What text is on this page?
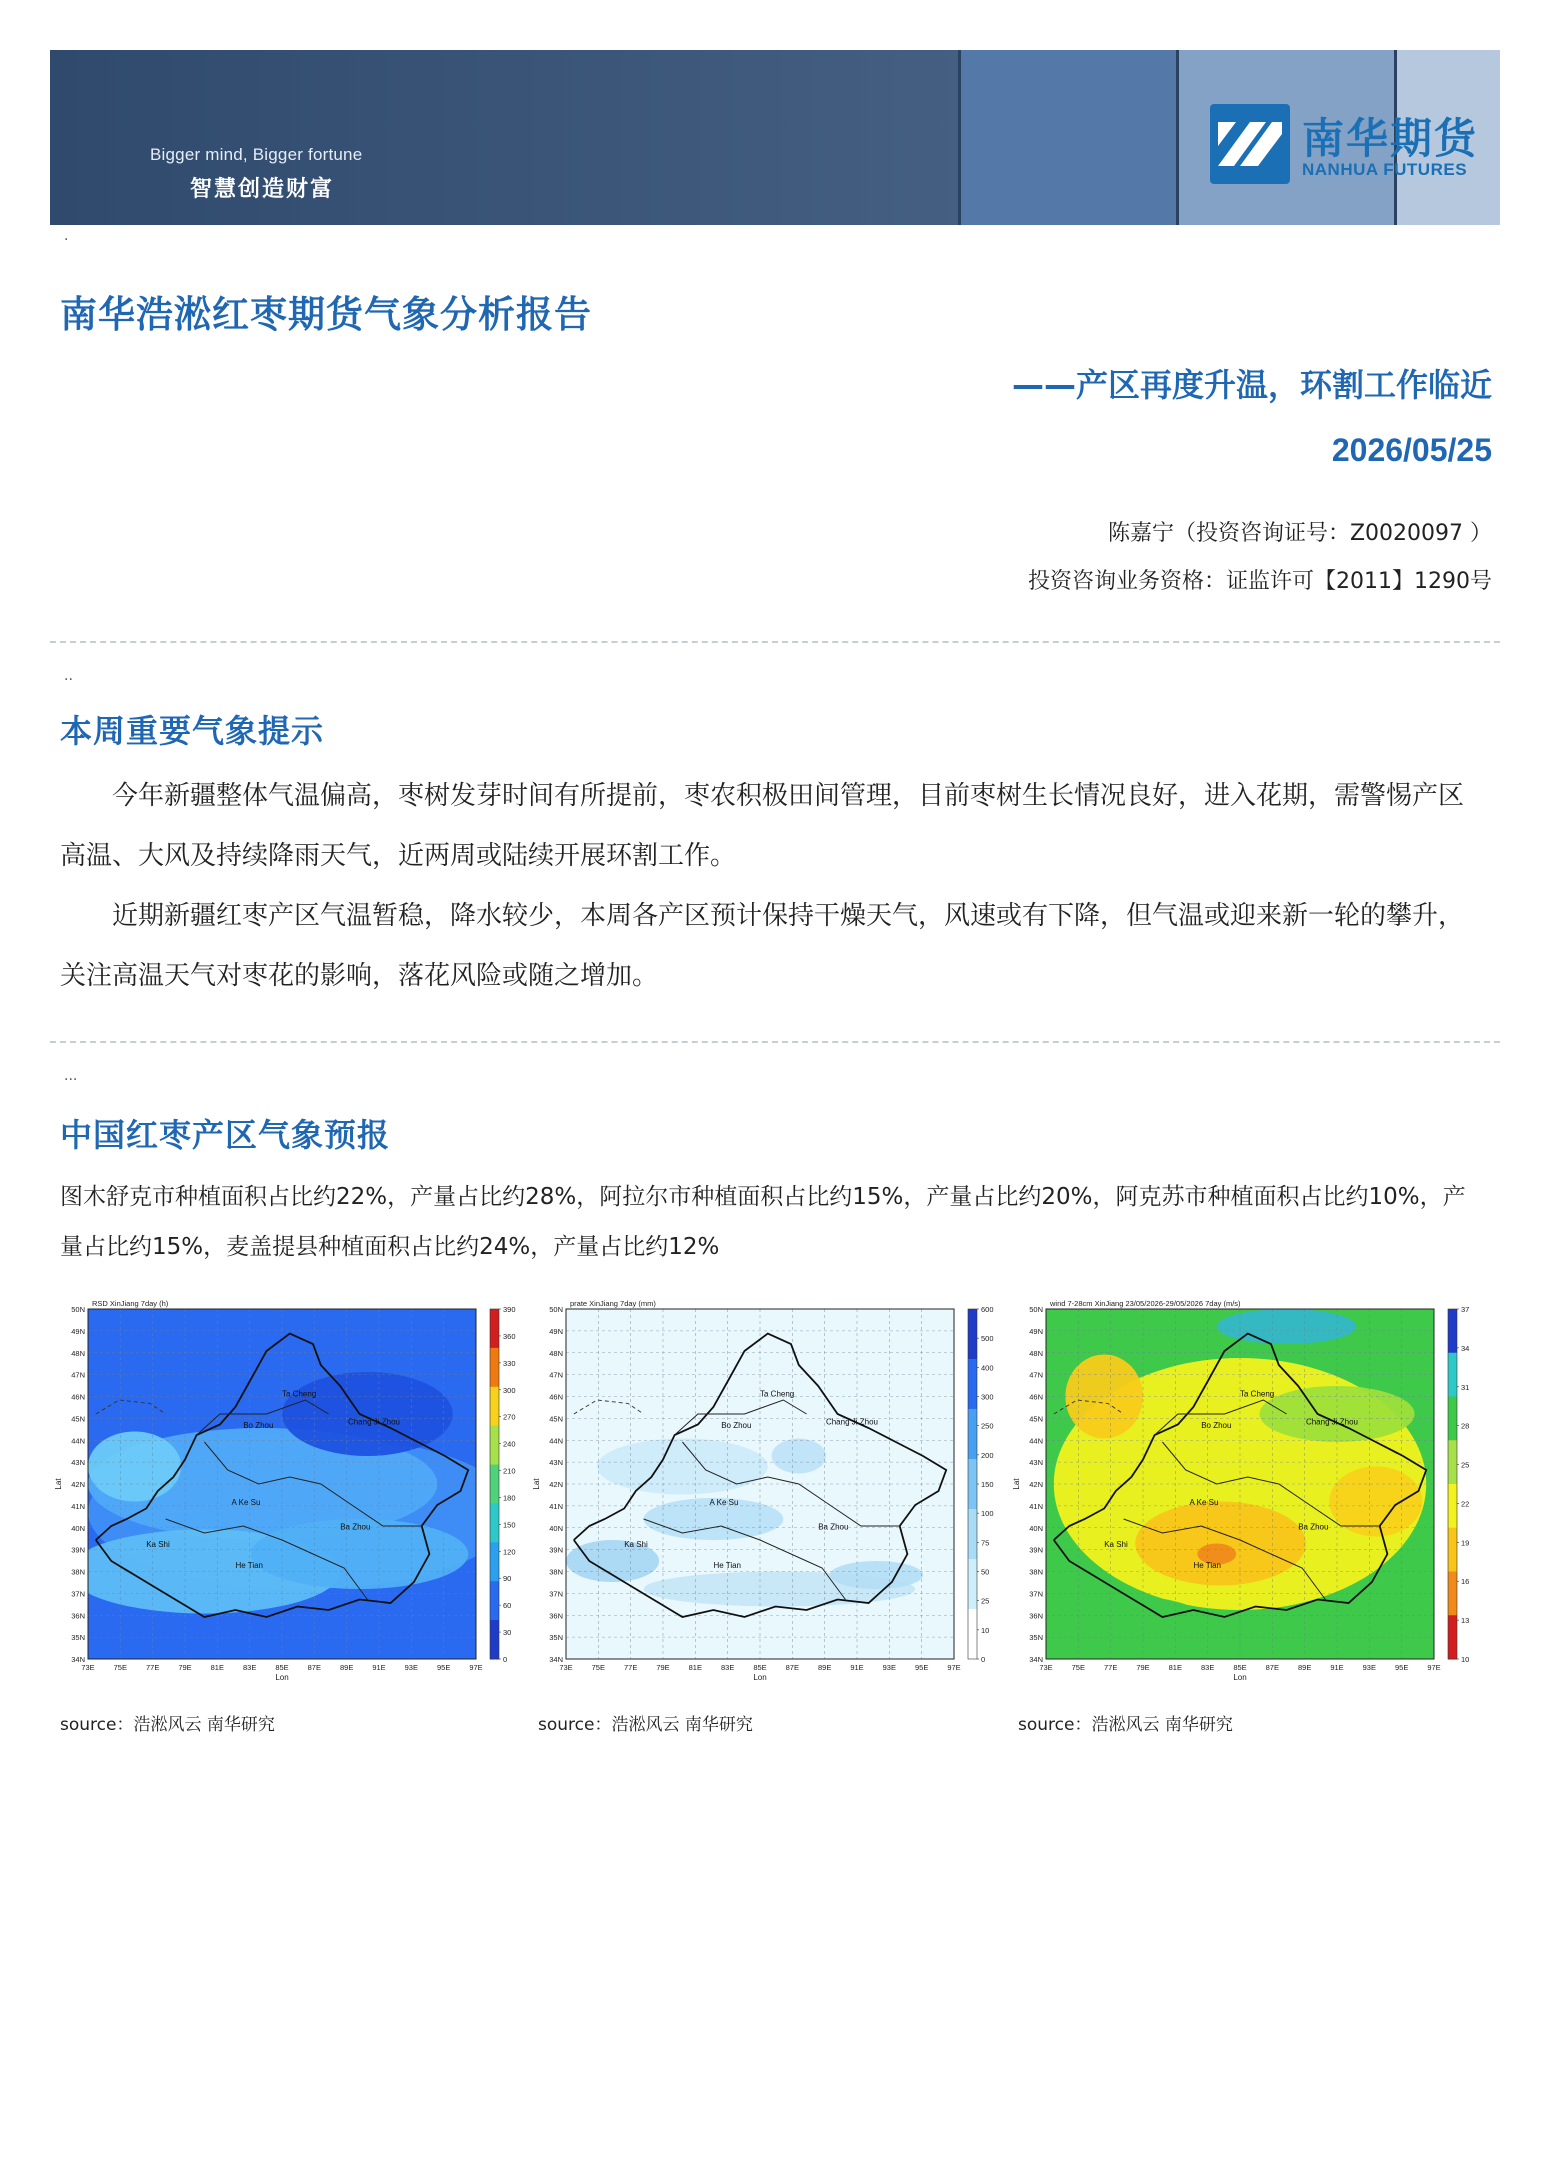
Bigger mind, Bigger fortune
智慧创造财富
南华期货
NANHUA FUTURES
·
南华浩淞红枣期货气象分析报告
——产区再度升温，环割工作临近
2026/05/25
陈嘉宁（投资咨询证号：Z0020097 ）
投资咨询业务资格：证监许可【2011】1290号
..
本周重要气象提示

今年新疆整体气温偏高，枣树发芽时间有所提前，枣农积极田间管理，目前枣树生长情况良好，进入花期，需警惕产区高温、大风及持续降雨天气，近两周或陆续开展环割工作。

近期新疆红枣产区气温暂稳，降水较少，本周各产区预计保持干燥天气，风速或有下降，但气温或迎来新一轮的攀升，关注高温天气对枣花的影响，落花风险或随之增加。

...
中国红枣产区气象预报

图木舒克市种植面积占比约22%，产量占比约28%，阿拉尔市种植面积占比约15%，产量占比约20%，阿克苏市种植面积占比约10%，产量占比约15%，麦盖提县种植面积占比约24%，产量占比约12%

Ta Cheng
Bo Zhou	Chang Ji Zhou
A Ke Su
Ba Zhou
Ka Shi
He Tian
73E	75E	77E	79E	81E	83E	85E	87E	89E	91E	93E	95E	97E
50N
49N
48N
47N
46N
45N
44N
43N
42N
41N
40N
39N
38N
37N
36N
35N
34N
Lon
Lat
RSD XinJiang 7day (h)
390
360
330
300
270
240
210
180
150
120
90
60
30
0
Ta Cheng
Bo Zhou	Chang Ji Zhou
A Ke Su
Ba Zhou
Ka Shi
He Tian
73E	75E	77E	79E	81E	83E	85E	87E	89E	91E	93E	95E	97E
50N
49N
48N
47N
46N
45N
44N
43N
42N
41N
40N
39N
38N
37N
36N
35N
34N
Lon
Lat
prate XinJiang 7day (mm)
600
500
400
300
250
200
150
100
75
50
25
10
0
Ta Cheng
Bo Zhou	Chang Ji Zhou
A Ke Su
Ba Zhou
Ka Shi
He Tian
73E	75E	77E	79E	81E	83E	85E	87E	89E	91E	93E	95E	97E
50N
49N
48N
47N
46N
45N
44N
43N
42N
41N
40N
39N
38N
37N
36N
35N
34N
Lon
Lat
wind 7-28cm XinJiang 23/05/2026-29/05/2026 7day (m/s)
37
34
31
28
25
22
19
16
13
10
source：浩淞风云 南华研究	source：浩淞风云 南华研究	source：浩淞风云 南华研究
